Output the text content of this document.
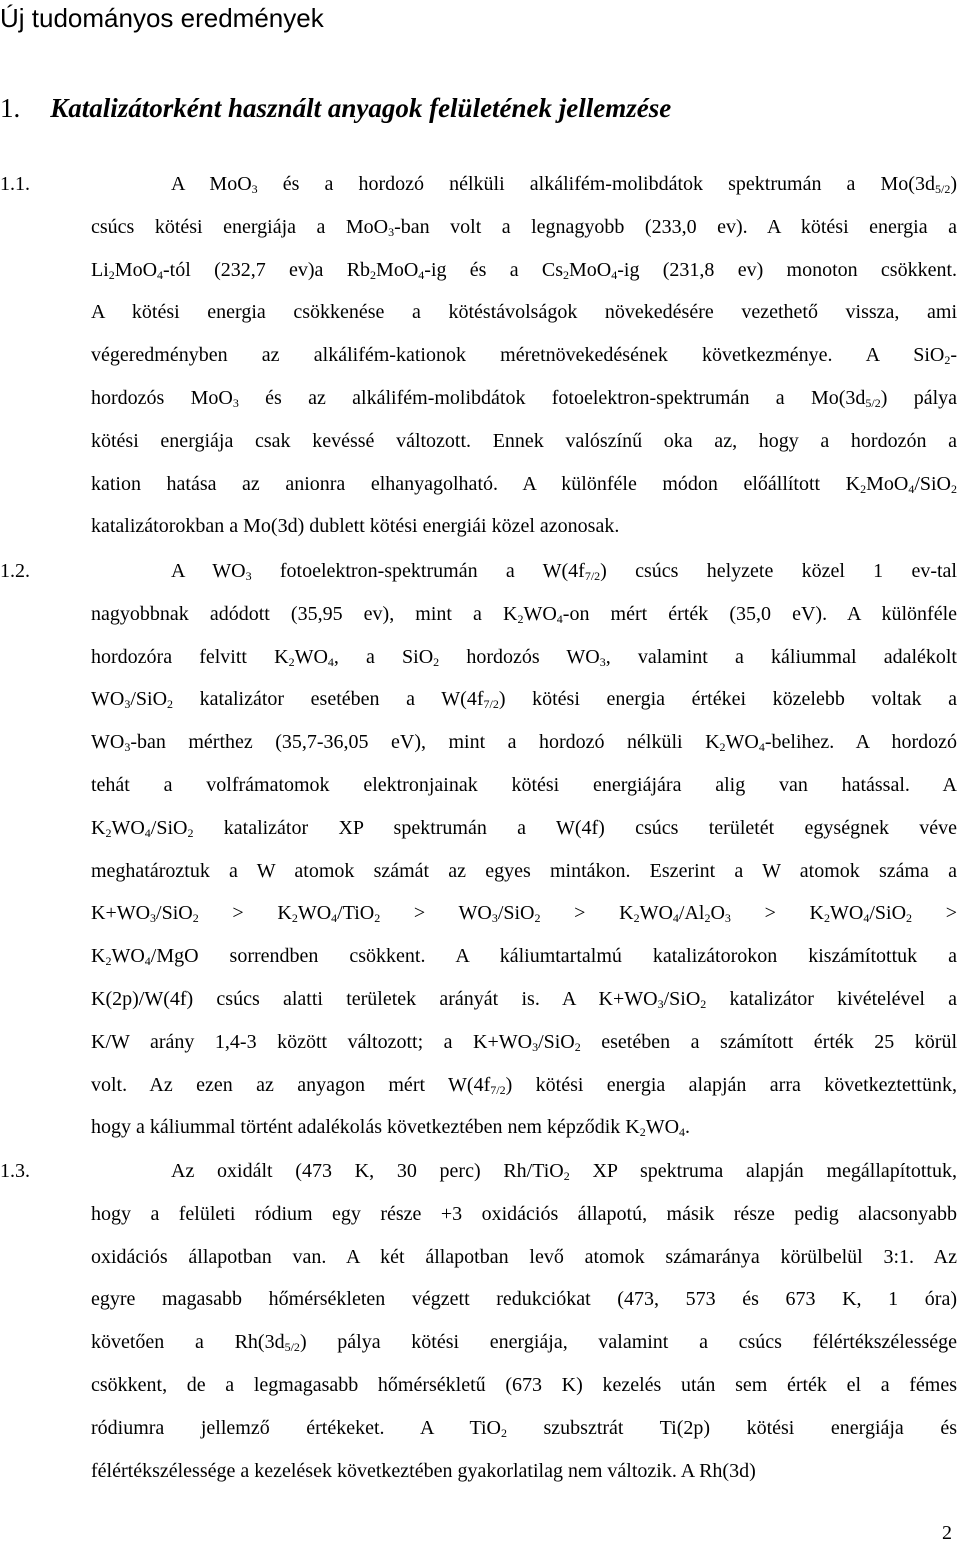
Új tudományos eredmények
1. Katalizátorként használt anyagok felületének jellemzése
1.1.	A MoO$_3$ és a hordozó nélküli alkálifém-molibdátok spektrumán a $Mo(3d_{5/2})$
csúcs kötési energiája a MoO$_3$-ban volt a legnagyobb (233,0 ev). A kötési energia a
$Li_2MoO_4$-tól (232,7 ev)a $Rb_2MoO_4-ig$ és a $Cs_2MoO_4-ig$ (231,8 ev) monoton csökkent.
A kötési energia csökkenése a kötéstávolságok növekedésére vezethető vissza, ami
végeredményben az alkálifém-kationok méretnövekedésének következménye. A SiO$_2$-
hordozós MoO$_3$ és az alkálifém-molibdátok fotoelektron-spektrumán a $Mo(3d_{5/2})$ pálya
kötési energiája csak kevéssé változott. Ennek valószínű oka az, hogy a hordozón a
kation hatása az anionra elhanyagolható. A különféle módon előállított $K_2MoO_4/SiO_2$
katalizátorokban a Mo(3d) dublett kötési energiái közel azonosak.
1.2.	A $WO_3$ fotoelektron-spektrumán a $W(4f_{7/2})$ csúcs helyzete közel 1 ev-tal
nagyobbnak adódott (35,95 ev), mint a $K_2WO_4-on$ mért érték (35,0 eV). A különféle
hordozóra felvitt $K_2WO_4$, a SiO$_2$ hordozós $WO_3$, valamint a káliummal adalékolt
$WO_3/SiO_2$ katalizátor esetében a $W(4f_{7/2})$ kötési energia értékei közelebb voltak a
$WO_3$-ban mérthez (35,7-36,05 eV), mint a hordozó nélküli $K_2WO_4$-belihez. A hordozó
tehát a volfrámatomok elektronjainak kötési energiájára alig van hatással. A
$K_2WO_4/SiO_2$ katalizátor XP spektrumán a W(4f) csúcs területét egységnek véve
meghatároztuk a W atomok számát az egyes mintákon. Eszerint a W atomok száma a
$K+WO_3/SiO_2 > K_2WO_4/TiO_2 > WO_3/SiO_2 > K_2WO_4/Al_2O_3 > K_2WO_4/SiO_2$ >
$K_2WO_4$/MgO sorrendben csökkent. A káliumtartalmú katalizátorokon kiszámítottuk a
K(2p)/W(4f) csúcs alatti területek arányát is. A $K+WO_3/SiO_2$ katalizátor kivételével a
K/W arány 1,4-3 között változott; a $K+WO_3/SiO_2$ esetében a számított érték 25 körül
volt. Az ezen az anyagon mért $W(4f_{7/2})$ kötési energia alapján arra következtettünk,
hogy a káliummal történt adalékolás következtében nem képződik $K_2WO_4$.
1.3.	Az oxidált (473 K, 30 perc) Rh/TiO$_2$ XP spektruma alapján megállapítottuk,
hogy a felületi ródium egy része +3 oxidációs állapotú, másik része pedig alacsonyabb
oxidációs állapotban van. A két állapotban levő atomok számaránya körülbelül 3:1. Az
egyre magasabb hőmérsékleten végzett redukciókat (473, 573 és 673 K, 1 óra)
követően a $Rh(3d_{5/2})$ pálya kötési energiája, valamint a csúcs félértékszélessége
csökkent, de a legmagasabb hőmérsékletű (673 K) kezelés után sem érték el a fémes
ródiumra jellemző értékeket. A TiO$_2$ szubsztrát Ti(2p) kötési energiája és
félértékszélessége a kezelések következtében gyakorlatilag nem változik. A Rh(3d)
2
